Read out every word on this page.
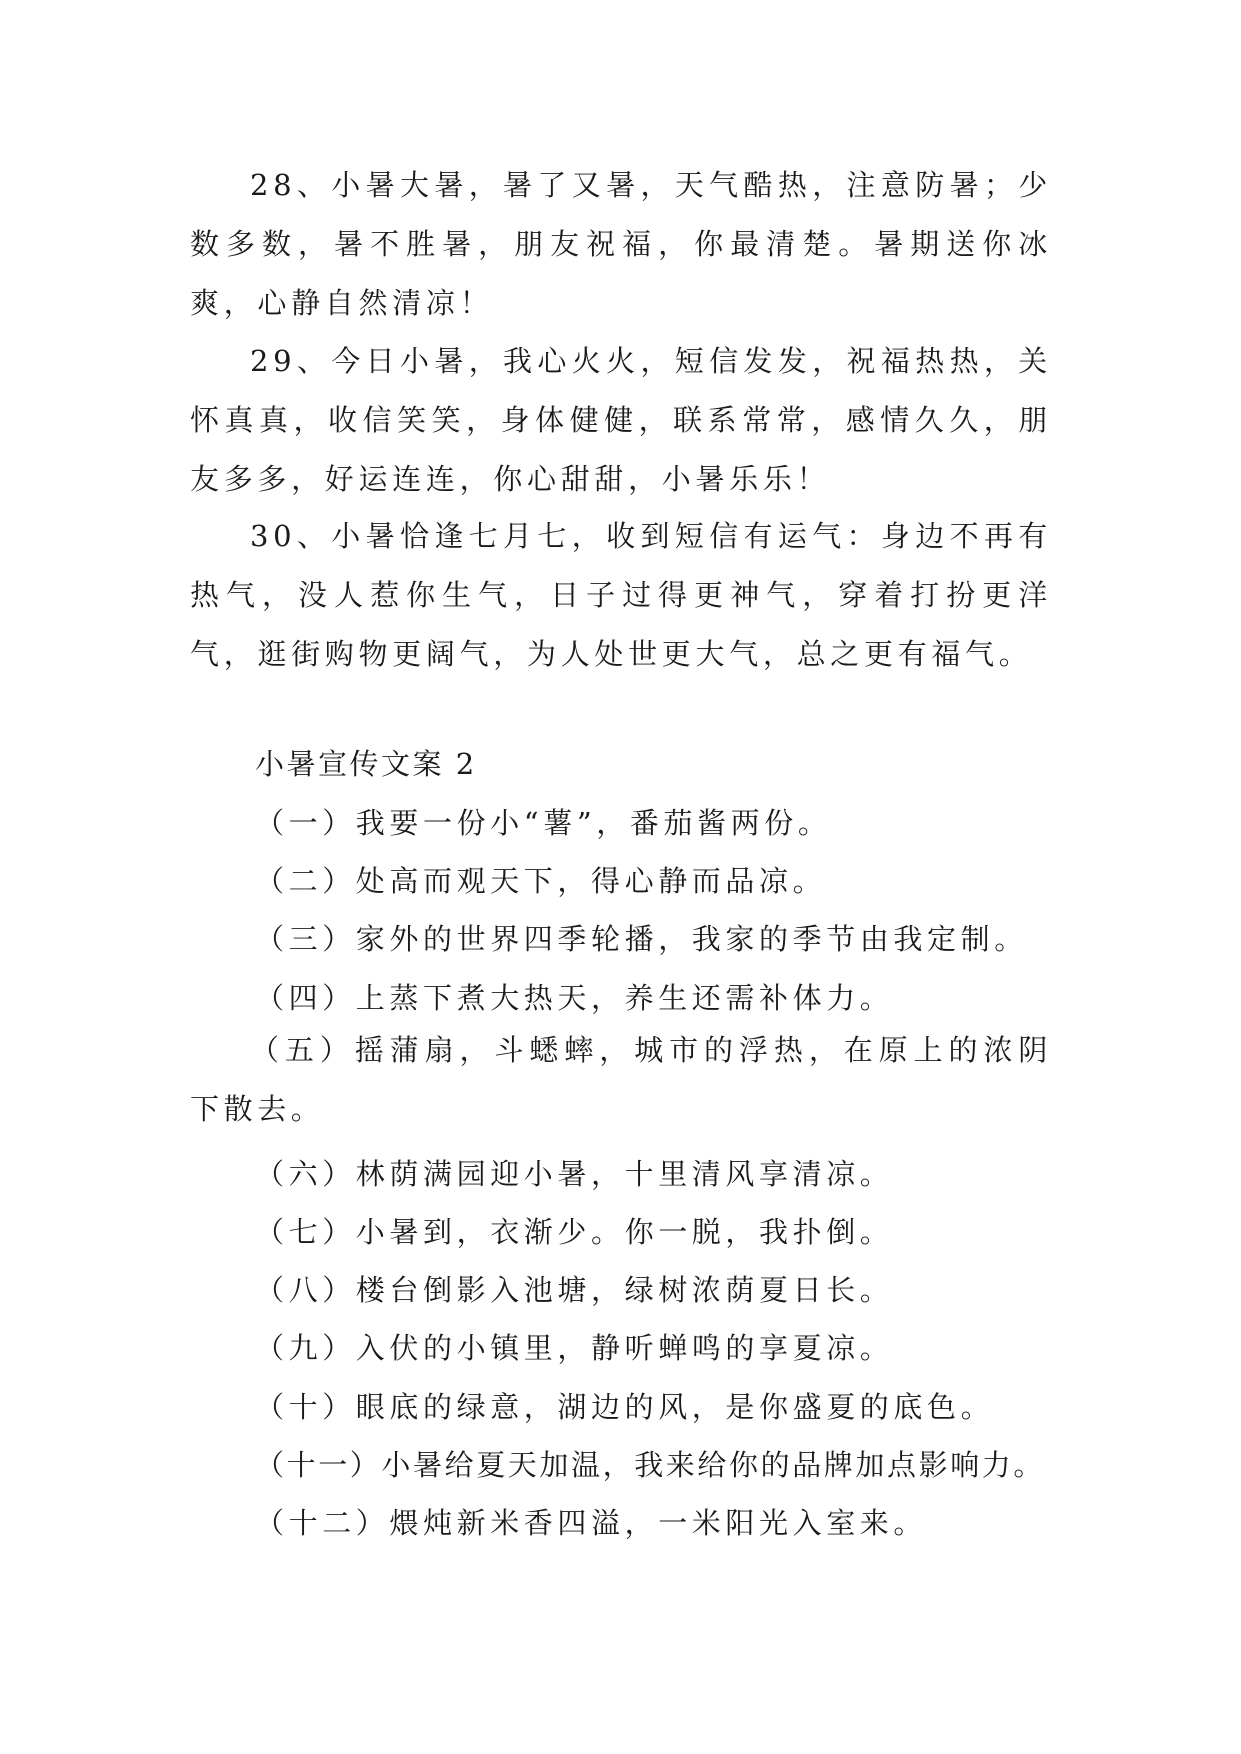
28、小暑大暑，暑了又暑，天气酷热，注意防暑；少数多数，暑不胜暑，朋友祝福，你最清楚。暑期送你冰爽，心静自然清凉！
29、今日小暑，我心火火，短信发发，祝福热热，关怀真真，收信笑笑，身体健健，联系常常，感情久久，朋友多多，好运连连，你心甜甜，小暑乐乐！
30、小暑恰逢七月七，收到短信有运气：身边不再有热气，没人惹你生气，日子过得更神气，穿着打扮更洋气，逛街购物更阔气，为人处世更大气，总之更有福气。
小暑宣传文案 2
（一）我要一份小“薯”，番茄酱两份。
（二）处高而观天下，得心静而品凉。
（三）家外的世界四季轮播，我家的季节由我定制。
（四）上蒸下煮大热天，养生还需补体力。
（五）摇蒲扇，斗蟋蟀，城市的浮热，在原上的浓阴下散去。
（六）林荫满园迎小暑，十里清风享清凉。
（七）小暑到，衣渐少。你一脱，我扑倒。
（八）楼台倒影入池塘，绿树浓荫夏日长。
（九）入伏的小镇里，静听蝉鸣的享夏凉。
（十）眼底的绿意，湖边的风，是你盛夏的底色。
（十一）小暑给夏天加温，我来给你的品牌加点影响力。
（十二）煨炖新米香四溢，一米阳光入室来。
